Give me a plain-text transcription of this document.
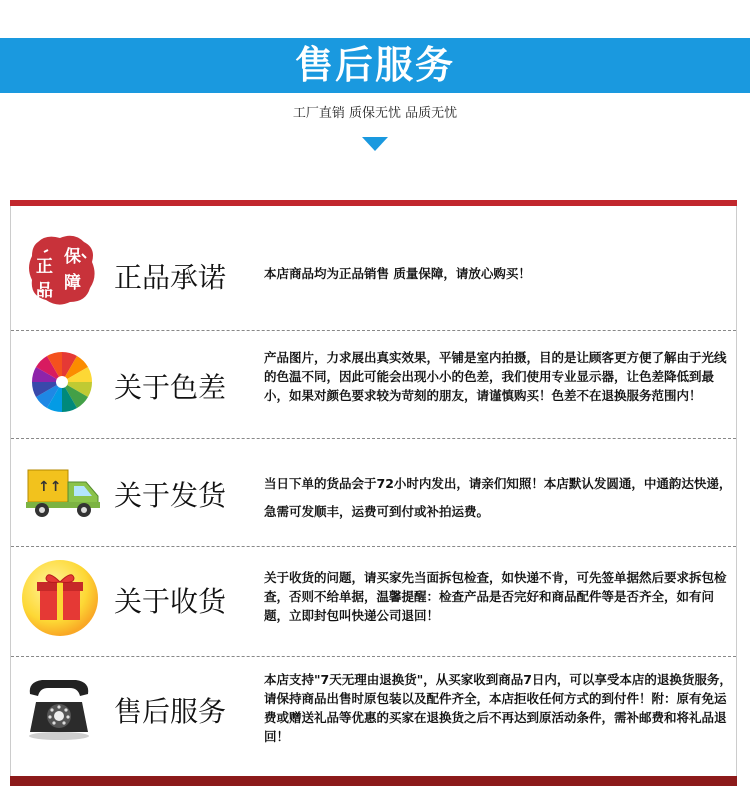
售后服务
工厂直销 质保无忧 品质无忧
正 保
障
品 正品承诺	本店商品均为正品销售 质量保障，请放心购买！
关于色差
产品图片，力求展出真实效果，平铺是室内拍摄，目的是让顾客更方便了解由于光线的色温不同，因此可能会出现小小的色差，我们使用专业显示器，让色差降低到最小，如果对颜色要求较为苛刻的朋友，请谨慎购买！色差不在退换服务范围内！
↑↑ 关于发货	当日下单的货品会于72小时内发出，请亲们知照！本店默认发圆通，中通韵达快递，急需可发顺丰，运费可到付或补拍运费。
关于收货
关于收货的问题，请买家先当面拆包检查，如快递不肯，可先签单据然后要求拆包检查，否则不给单据，温馨提醒：检查产品是否完好和商品配件等是否齐全，如有问题，立即封包叫快递公司退回！
售后服务
本店支持"7天无理由退换货"，从买家收到商品7日内，可以享受本店的退换货服务，请保持商品出售时原包装以及配件齐全，本店拒收任何方式的到付件！附：原有免运费或赠送礼品等优惠的买家在退换货之后不再达到原活动条件，需补邮费和将礼品退回！
